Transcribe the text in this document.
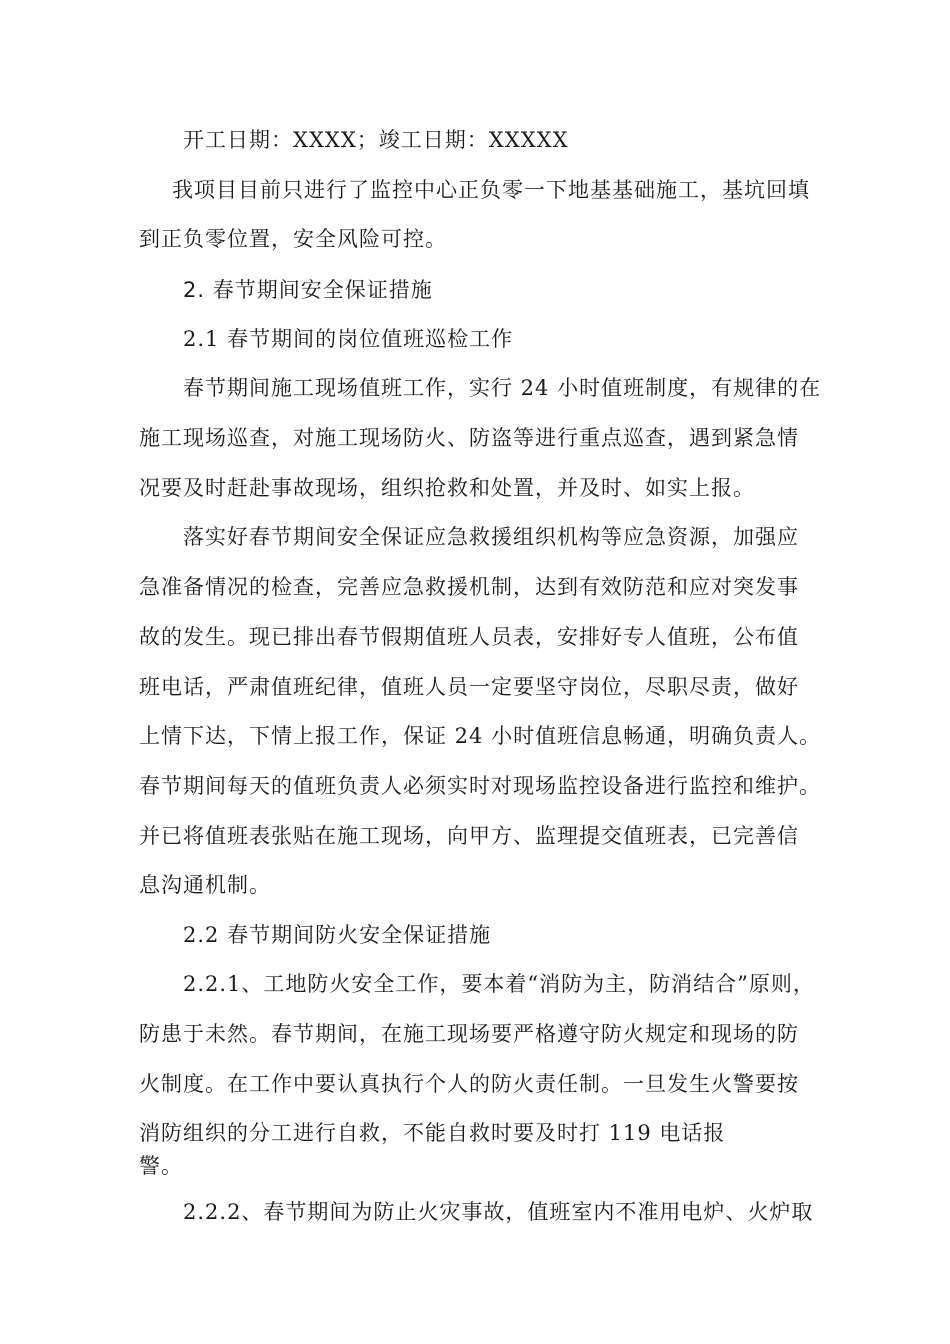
开工日期：XXXX；竣工日期：XXXXX
我项目目前只进行了监控中心正负零一下地基基础施工，基坑回填
到正负零位置，安全风险可控。
2. 春节期间安全保证措施
2.1 春节期间的岗位值班巡检工作
春节期间施工现场值班工作，实行 24 小时值班制度，有规律的在
施工现场巡查，对施工现场防火、防盗等进行重点巡查，遇到紧急情
况要及时赶赴事故现场，组织抢救和处置，并及时、如实上报。
落实好春节期间安全保证应急救援组织机构等应急资源，加强应
急准备情况的检查，完善应急救援机制，达到有效防范和应对突发事
故的发生。现已排出春节假期值班人员表，安排好专人值班，公布值
班电话，严肃值班纪律，值班人员一定要坚守岗位，尽职尽责，做好
上情下达，下情上报工作，保证 24 小时值班信息畅通，明确负责人。
春节期间每天的值班负责人必须实时对现场监控设备进行监控和维护。
并已将值班表张贴在施工现场，向甲方、监理提交值班表，已完善信
息沟通机制。
2.2 春节期间防火安全保证措施
2.2.1、工地防火安全工作，要本着“消防为主，防消结合”原则，
防患于未然。春节期间，在施工现场要严格遵守防火规定和现场的防
火制度。在工作中要认真执行个人的防火责任制。一旦发生火警要按
消防组织的分工进行自救，不能自救时要及时打 119 电话报
警。
2.2.2、春节期间为防止火灾事故，值班室内不准用电炉、火炉取
